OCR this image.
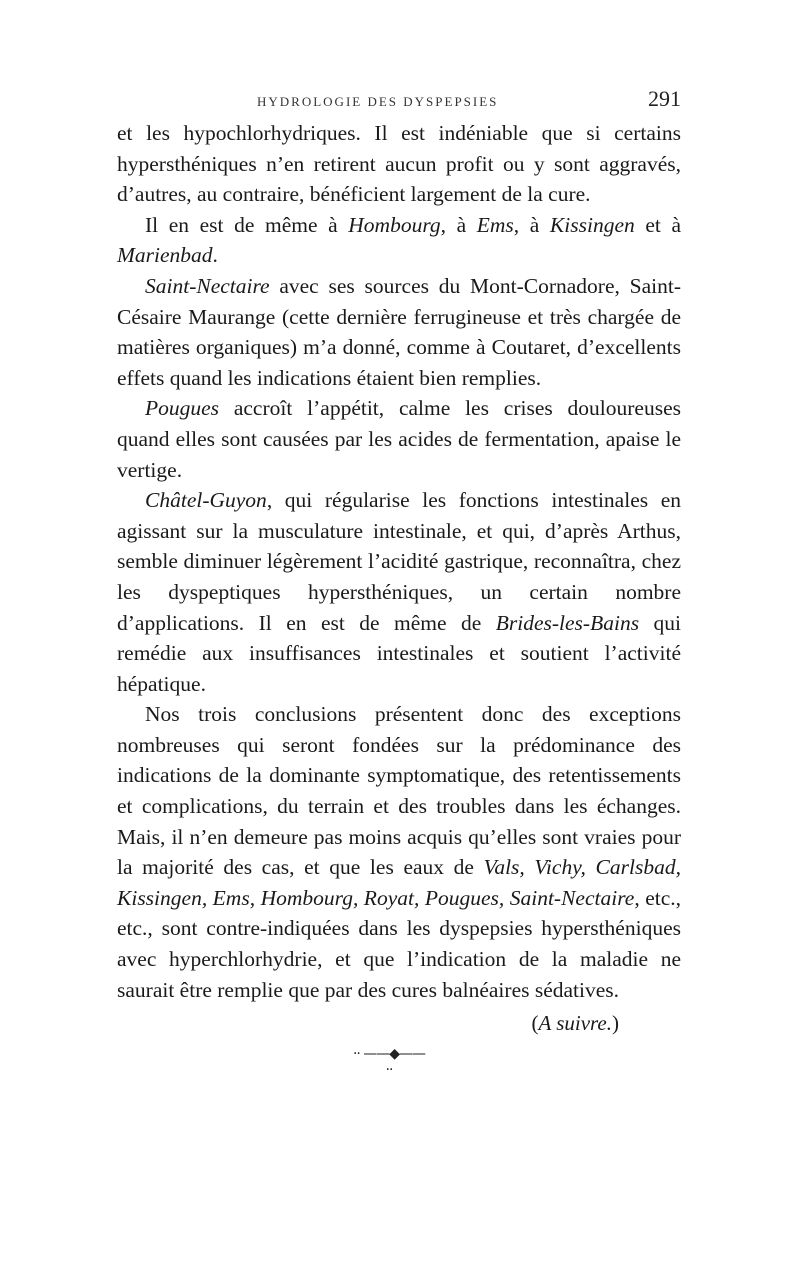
HYDROLOGIE DES DYSPEPSIES	291

et les hypochlorhydriques. Il est indéniable que si certains hypersthéniques n’en retirent aucun profit ou y sont aggravés, d’autres, au contraire, bénéficient largement de la cure.

Il en est de même à Hombourg, à Ems, à Kissingen et à Marienbad.

Saint-Nectaire avec ses sources du Mont-Cornadore, Saint-Césaire Maurange (cette dernière ferrugineuse et très chargée de matières organiques) m’a donné, comme à Coutaret, d’excellents effets quand les indications étaient bien remplies.

Pougues accroît l’appétit, calme les crises douloureuses quand elles sont causées par les acides de fermentation, apaise le vertige.

Châtel-Guyon, qui régularise les fonctions intestinales en agissant sur la musculature intestinale, et qui, d’après Arthus, semble diminuer légèrement l’acidité gastrique, reconnaîtra, chez les dyspeptiques hypersthéniques, un certain nombre d’applications. Il en est de même de Brides-les-Bains qui remédie aux insuffisances intestinales et soutient l’activité hépatique.

Nos trois conclusions présentent donc des exceptions nombreuses qui seront fondées sur la prédominance des indications de la dominante symptomatique, des retentissements et complications, du terrain et des troubles dans les échanges. Mais, il n’en demeure pas moins acquis qu’elles sont vraies pour la majorité des cas, et que les eaux de Vals, Vichy, Carlsbad, Kissingen, Ems, Hombourg, Royat, Pougues, Saint-Nectaire, etc., etc., sont contre-indiquées dans les dyspepsies hypersthéniques avec hyperchlorhydrie, et que l’indication de la maladie ne saurait être remplie que par des cures balnéaires sédatives.

(A suivre.)
·· ——◆—— ··
